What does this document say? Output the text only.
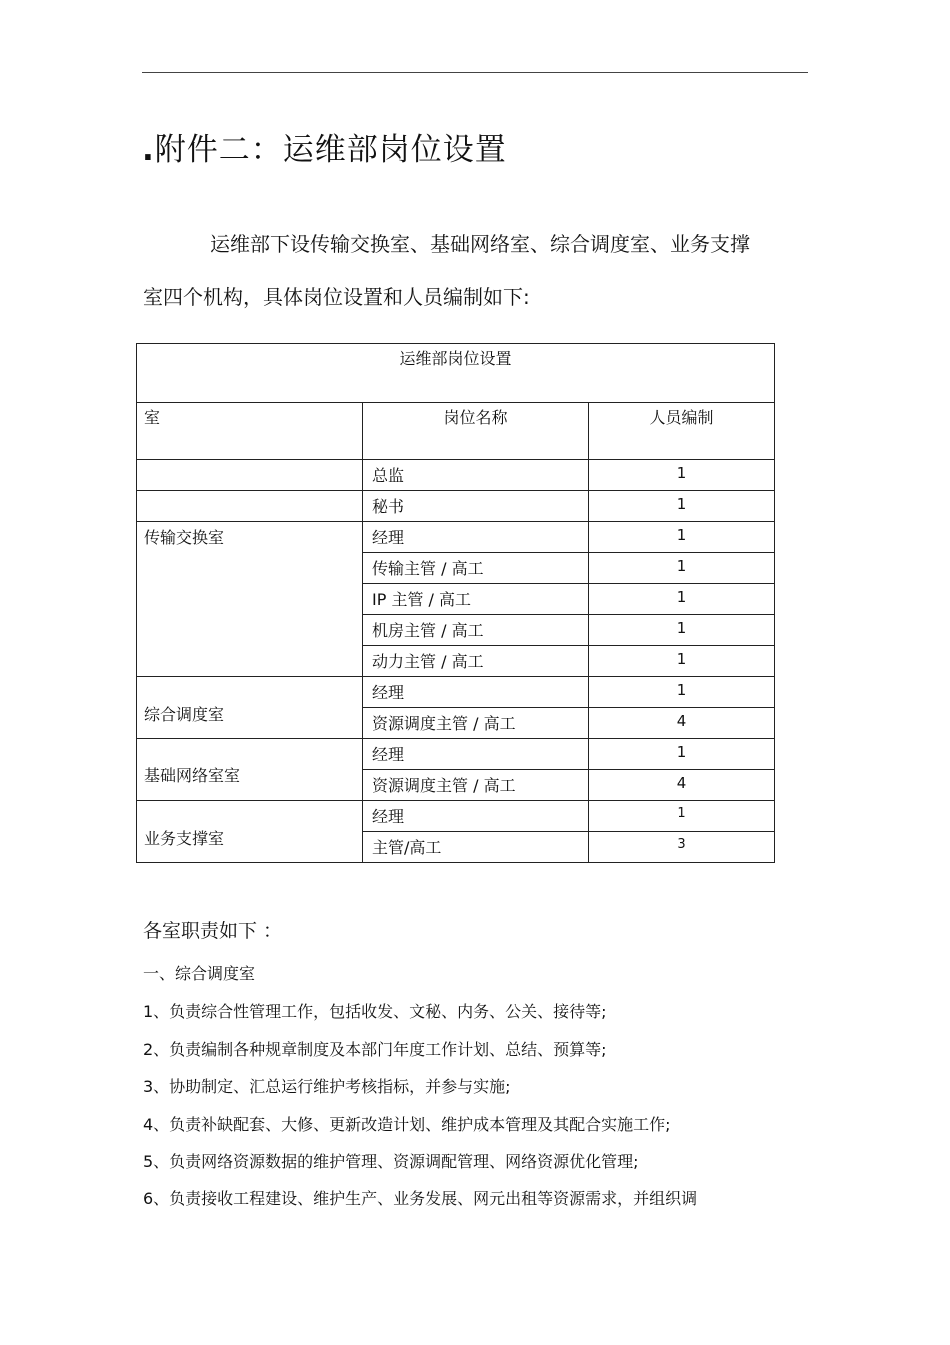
.附件二：运维部岗位设置
运维部下设传输交换室、基础网络室、综合调度室、业务支撑
室四个机构，具体岗位设置和人员编制如下:
运维部岗位设置		
室	岗位名称	人员编制
	总监	1
	秘书	1
传输交换室	经理	1
	传输主管 / 高工	1
	IP 主管 / 高工	1
	机房主管 / 高工	1
	动力主管 / 高工	1
综合调度室	经理	1
	资源调度主管 / 高工	4
基础网络室室	经理	1
	资源调度主管 / 高工	4
业务支撑室	经理	1
	主管/高工	3
各室职责如下 ：
一、综合调度室
1、负责综合性管理工作，包括收发、文秘、内务、公关、接待等;
2、负责编制各种规章制度及本部门年度工作计划、总结、预算等;
3、协助制定、汇总运行维护考核指标，并参与实施;
4、负责补缺配套、大修、更新改造计划、维护成本管理及其配合实施工作;
5、负责网络资源数据的维护管理、资源调配管理、网络资源优化管理;
6、负责接收工程建设、维护生产、业务发展、网元出租等资源需求，并组织调
